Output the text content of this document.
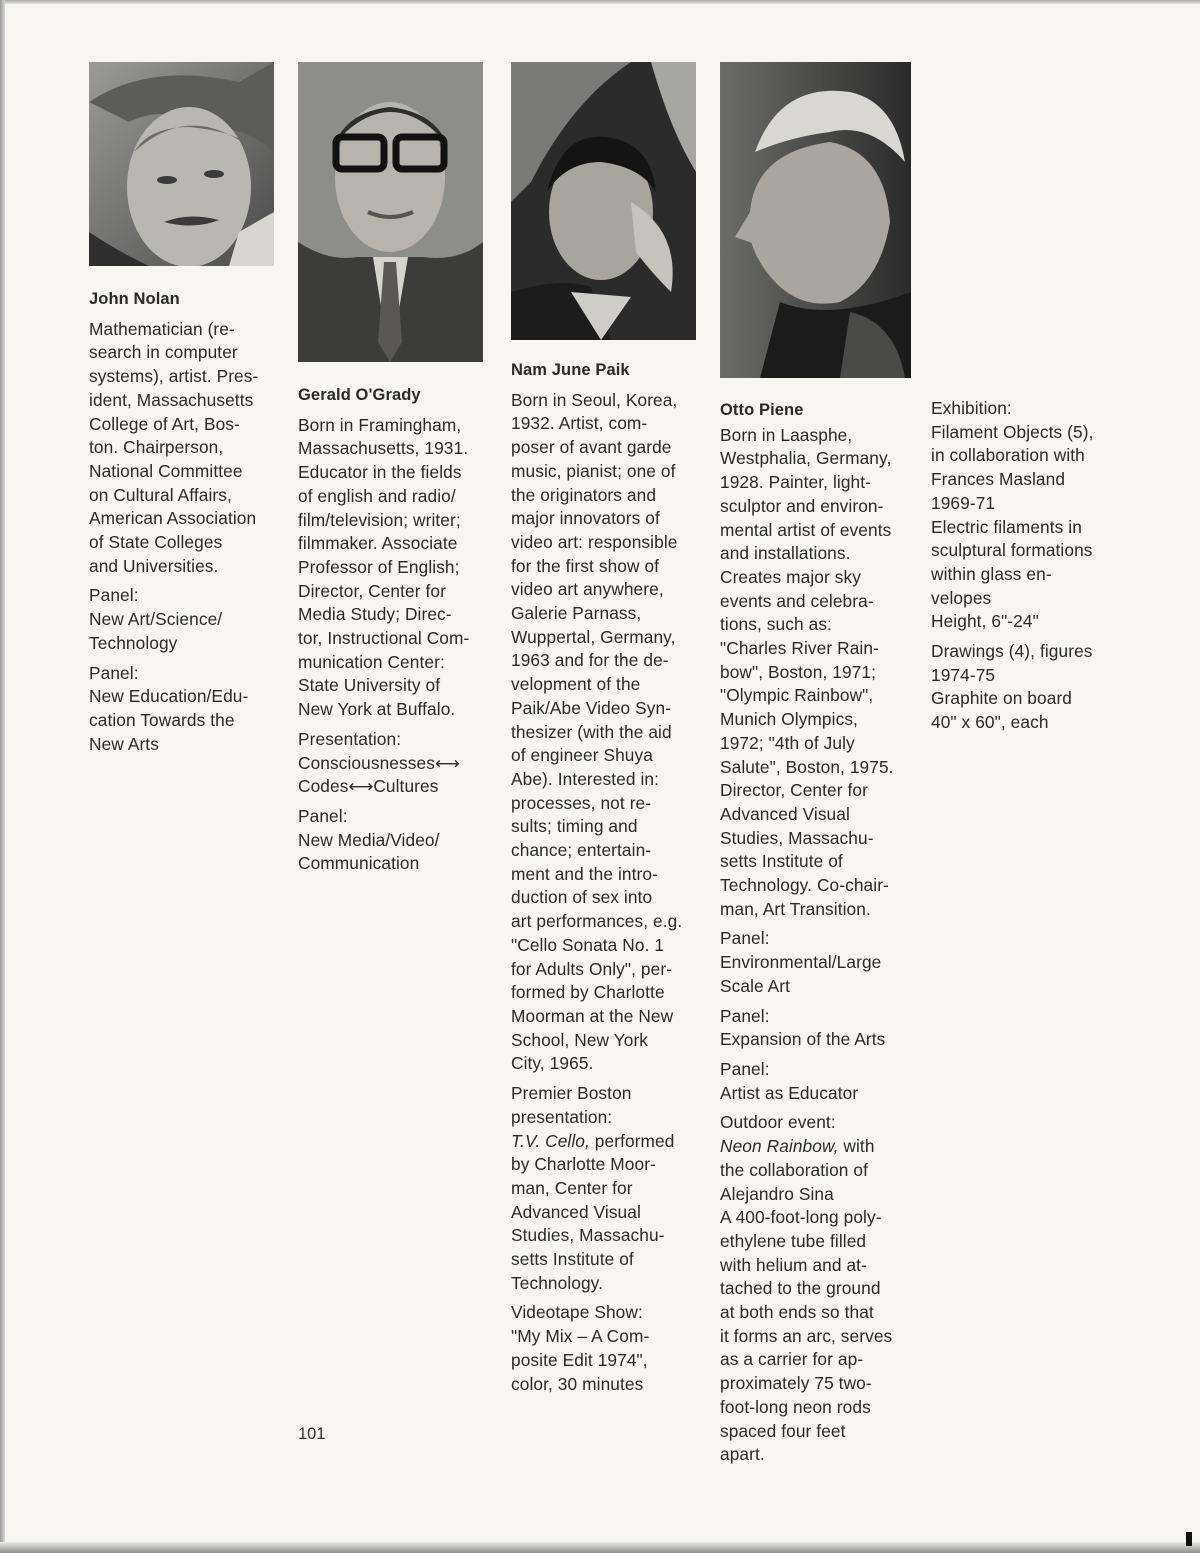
John Nolan
Mathematician (re-
search in computer
systems), artist. Pres-
ident, Massachusetts
College of Art, Bos-
ton. Chairperson,
National Committee
on Cultural Affairs,
American Association
of State Colleges
and Universities.
Panel:
New Art/Science/
Technology
Panel:
New Education/Edu-
cation Towards the
New Arts
Gerald O'Grady
Born in Framingham,
Massachusetts, 1931.
Educator in the fields
of english and radio/
film/television; writer;
filmmaker. Associate
Professor of English;
Director, Center for
Media Study; Direc-
tor, Instructional Com-
munication Center:
State University of
New York at Buffalo.
Presentation:
Consciousnesses⟷
Codes⟷Cultures
Panel:
New Media/Video/
Communication
Nam June Paik
Born in Seoul, Korea,
1932. Artist, com-
poser of avant garde
music, pianist; one of
the originators and
major innovators of
video art: responsible
for the first show of
video art anywhere,
Galerie Parnass,
Wuppertal, Germany,
1963 and for the de-
velopment of the
Paik/Abe Video Syn-
thesizer (with the aid
of engineer Shuya
Abe). Interested in:
processes, not re-
sults; timing and
chance; entertain-
ment and the intro-
duction of sex into
art performances, e.g.
"Cello Sonata No. 1
for Adults Only", per-
formed by Charlotte
Moorman at the New
School, New York
City, 1965.
Premier Boston
presentation:
T.V. Cello, performed
by Charlotte Moor-
man, Center for
Advanced Visual
Studies, Massachu-
setts Institute of
Technology.
Videotape Show:
"My Mix – A Com-
posite Edit 1974",
color, 30 minutes
Otto Piene
Born in Laasphe,
Westphalia, Germany,
1928. Painter, light-
sculptor and environ-
mental artist of events
and installations.
Creates major sky
events and celebra-
tions, such as:
"Charles River Rain-
bow", Boston, 1971;
"Olympic Rainbow",
Munich Olympics,
1972; "4th of July
Salute", Boston, 1975.
Director, Center for
Advanced Visual
Studies, Massachu-
setts Institute of
Technology. Co-chair-
man, Art Transition.
Panel:
Environmental/Large
Scale Art
Panel:
Expansion of the Arts
Panel:
Artist as Educator
Outdoor event:
Neon Rainbow, with
the collaboration of
Alejandro Sina
A 400-foot-long poly-
ethylene tube filled
with helium and at-
tached to the ground
at both ends so that
it forms an arc, serves
as a carrier for ap-
proximately 75 two-
foot-long neon rods
spaced four feet
apart.
Exhibition:
Filament Objects (5),
in collaboration with
Frances Masland
1969-71
Electric filaments in
sculptural formations
within glass en-
velopes
Height, 6"-24"
Drawings (4), figures
1974-75
Graphite on board
40" x 60", each
101
